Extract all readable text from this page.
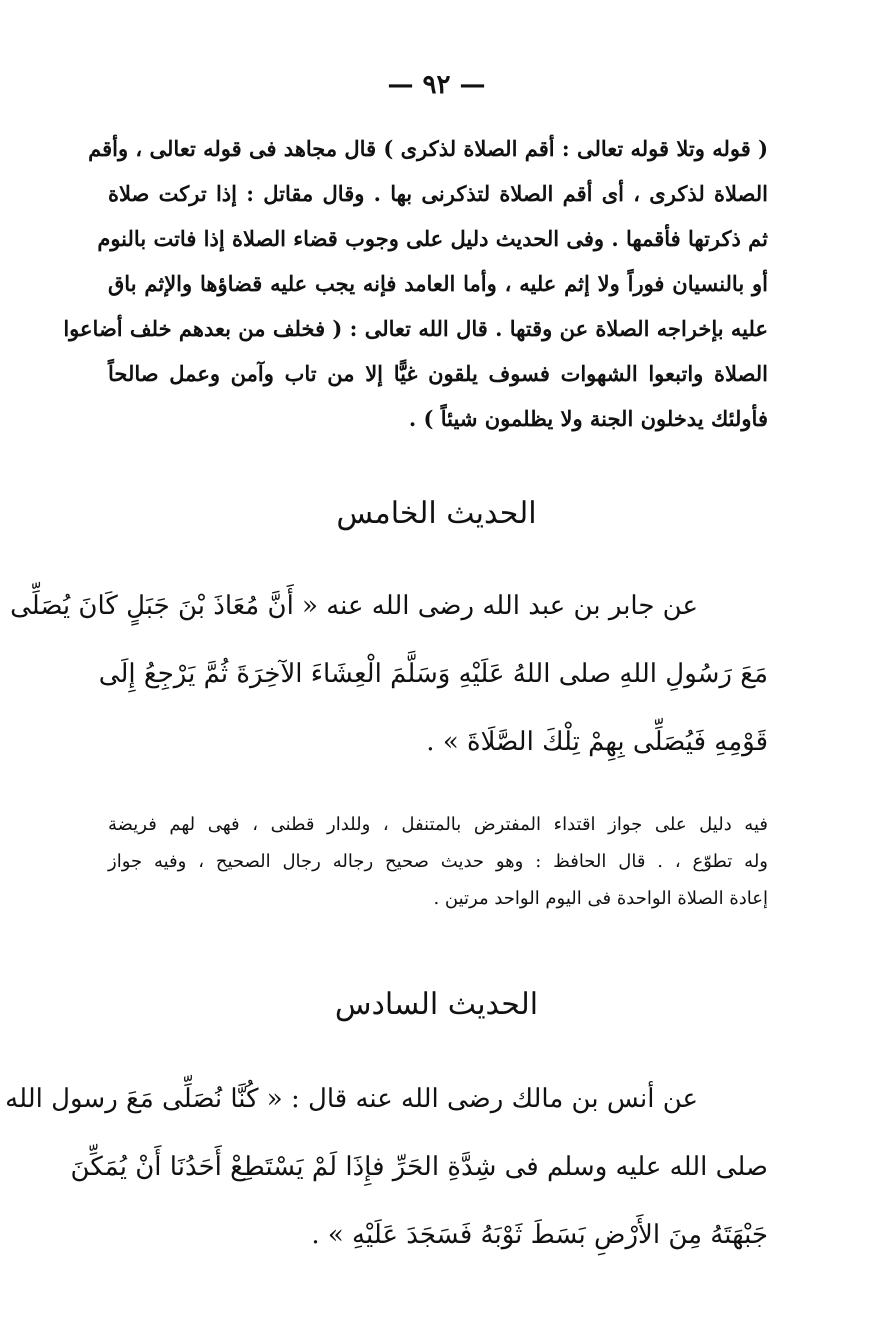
— ٩٢ —
( قوله وتلا قوله تعالى : أقم الصلاة لذكرى ) قال مجاهد فى قوله تعالى ، وأقم
الصلاة لذكرى ، أى أقم الصلاة لتذكرنى بها . وقال مقاتل : إذا تركت صلاة
ثم ذكرتها فأقمها . وفى الحديث دليل على وجوب قضاء الصلاة إذا فاتت بالنوم
أو بالنسيان فوراً ولا إثم عليه ، وأما العامد فإنه يجب عليه قضاؤها والإثم باق
عليه بإخراجه الصلاة عن وقتها . قال الله تعالى : ( فخلف من بعدهم خلف أضاعوا
الصلاة واتبعوا الشهوات فسوف يلقون غيًّا إلا من تاب وآمن وعمل صالحاً
فأولئك يدخلون الجنة ولا يظلمون شيئاً ) .
الحديث الخامس
عن جابر بن عبد الله رضى الله عنه « أَنَّ مُعَاذَ بْنَ جَبَلٍ كَانَ يُصَلِّى
مَعَ رَسُولِ اللهِ صلى اللهُ عَلَيْهِ وَسَلَّمَ الْعِشَاءَ الآخِرَةَ ثُمَّ يَرْجِعُ إِلَى
قَوْمِهِ فَيُصَلِّى بِهِمْ تِلْكَ الصَّلَاةَ » .
فيه دليل على جواز اقتداء المفترض بالمتنفل ، وللدار قطنى ، فهى لهم فريضة
وله تطوّع ، . قال الحافظ : وهو حديث صحيح رجاله رجال الصحيح ، وفيه جواز
إعادة الصلاة الواحدة فى اليوم الواحد مرتين .
الحديث السادس
عن أنس بن مالك رضى الله عنه قال : « كُنَّا نُصَلِّى مَعَ رسول الله
صلى الله عليه وسلم فى شِدَّةِ الحَرِّ فإِذَا لَمْ يَسْتَطِعْ أَحَدُنَا أَنْ يُمَكِّنَ
جَبْهَتَهُ مِنَ الأَرْضِ بَسَطَ ثَوْبَهُ فَسَجَدَ عَلَيْهِ » .
